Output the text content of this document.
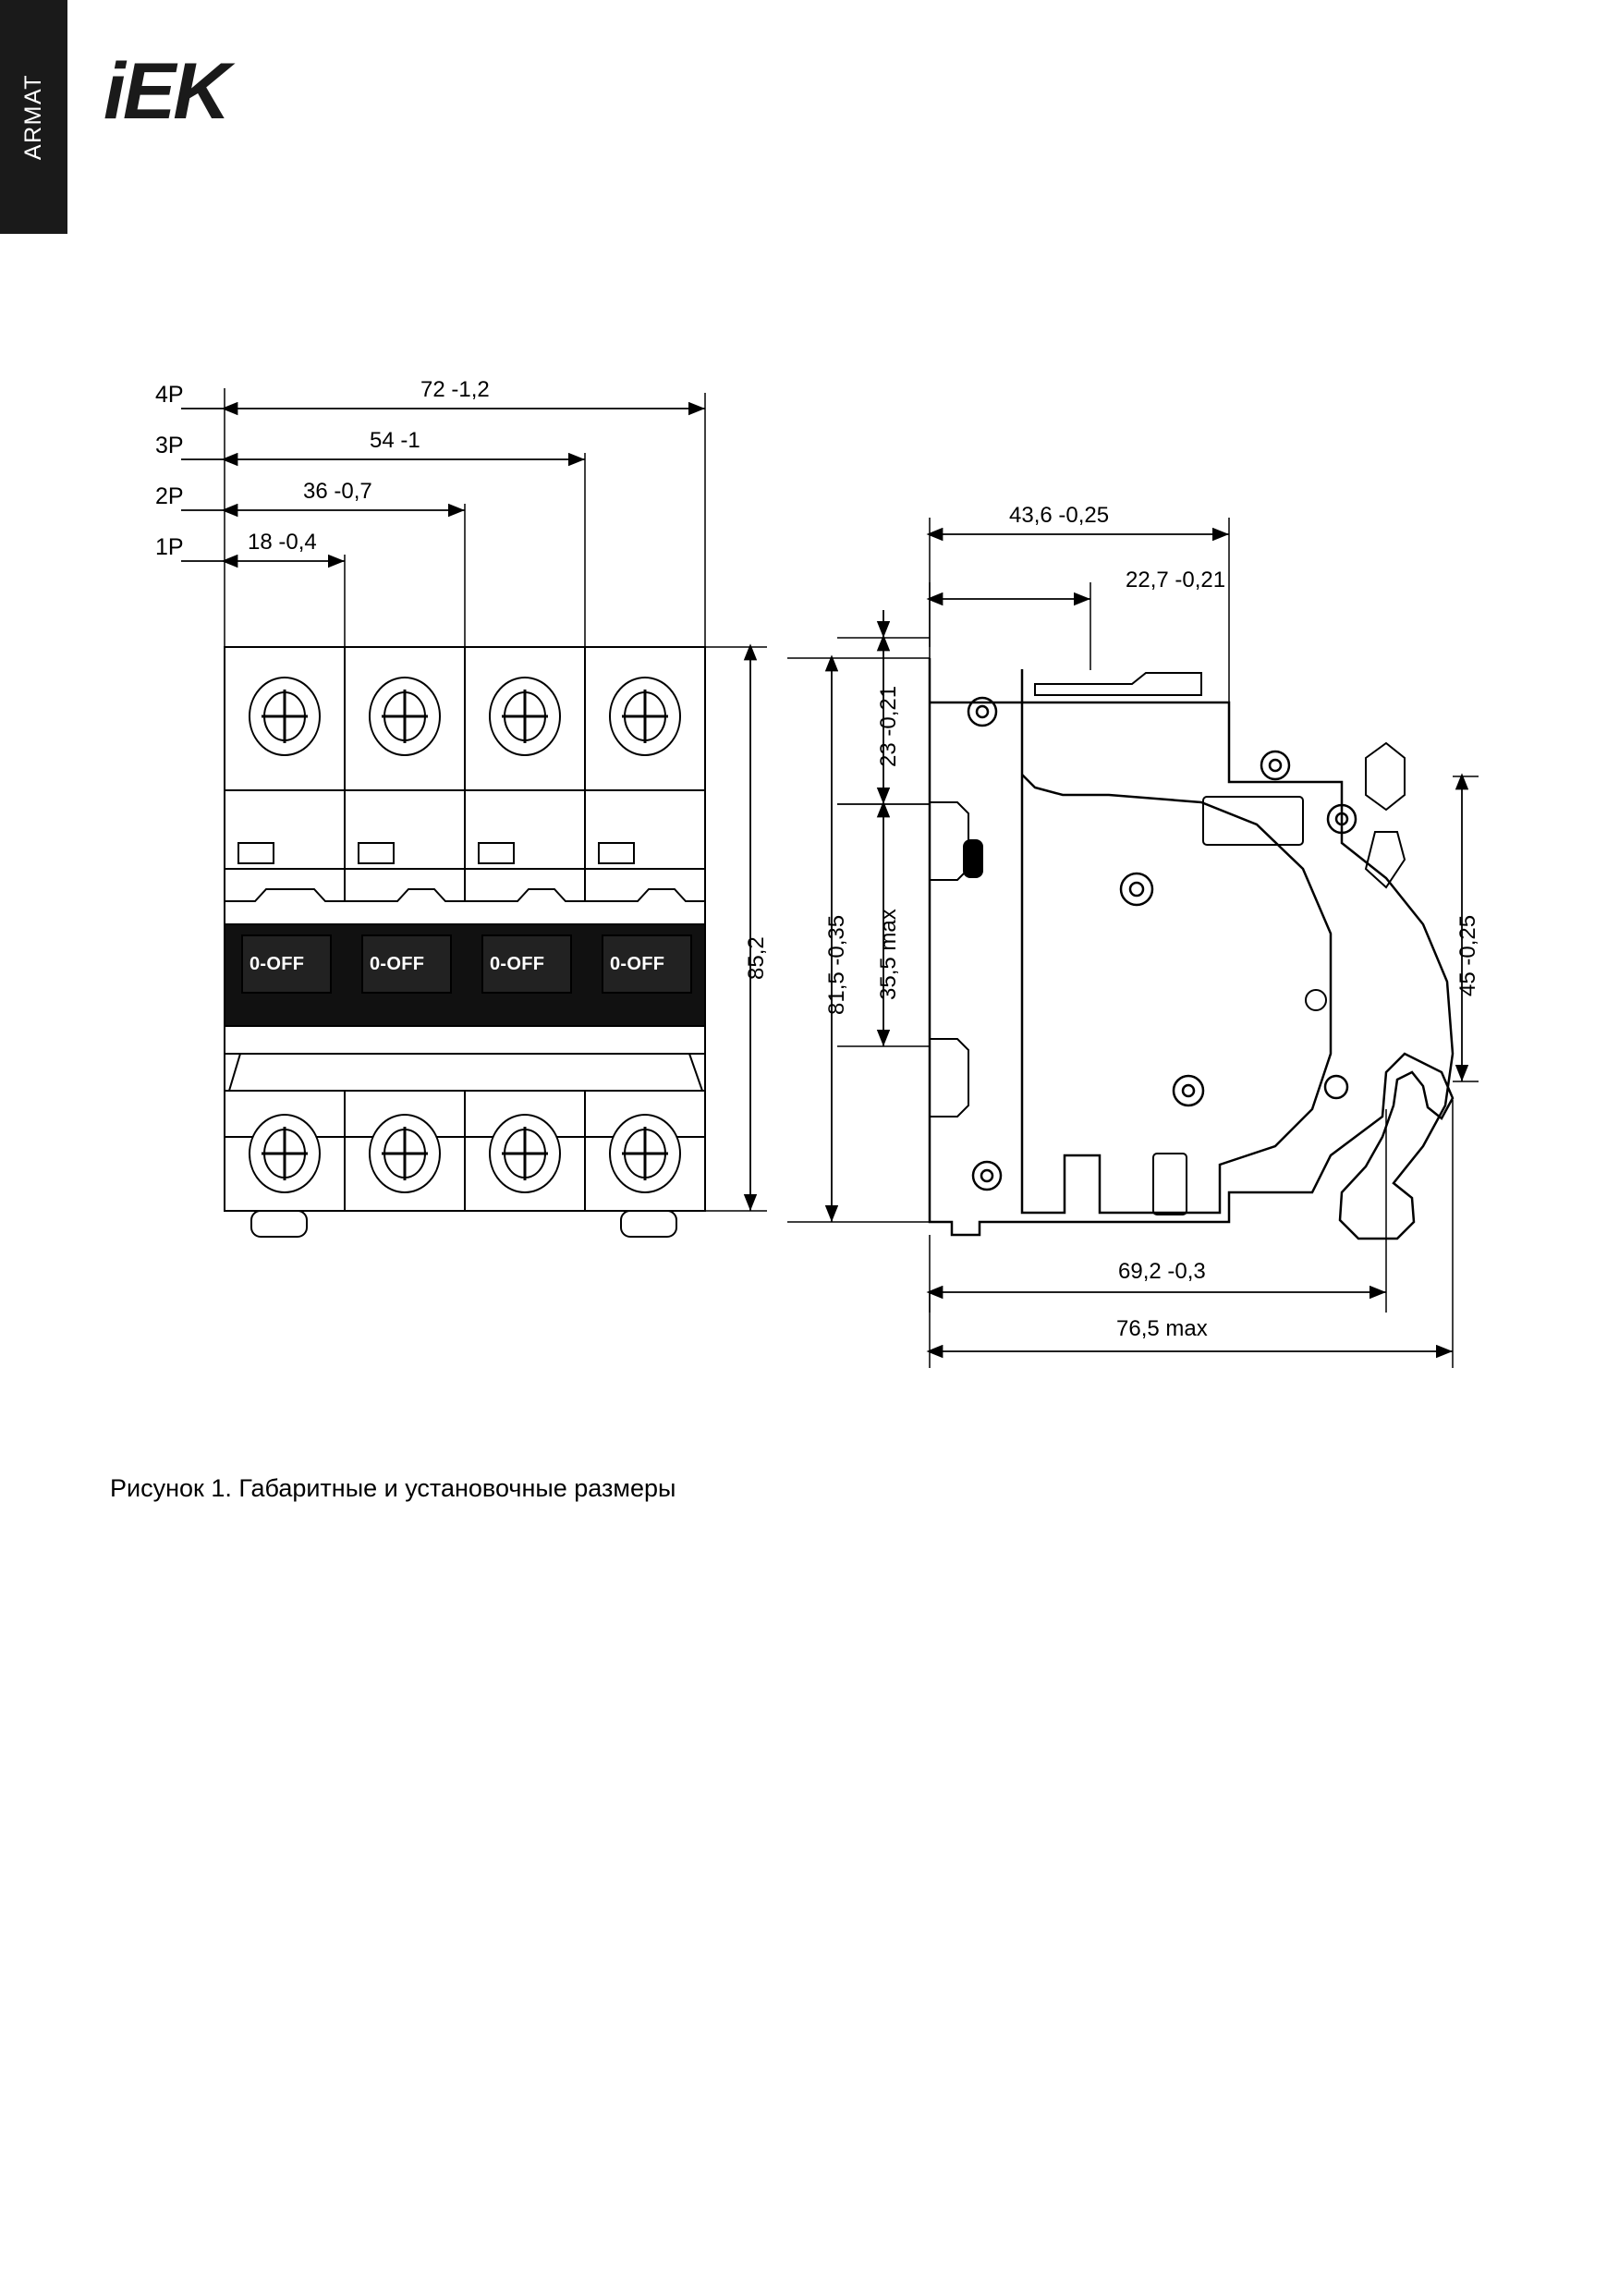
ARMAT iEK
4P
3P
2P
1P
72 -1,2
54 -1
36 -0,7
18 -0,4
85,2
0-OFF	0-OFF	0-OFF	0-OFF
43,6 -0,25
22,7 -0,21
23 -0,21
35,5 max
81,5 -0,35	45 -0,25
69,2 -0,3
76,5 max
Рисунок 1. Габаритные и установочные размеры
